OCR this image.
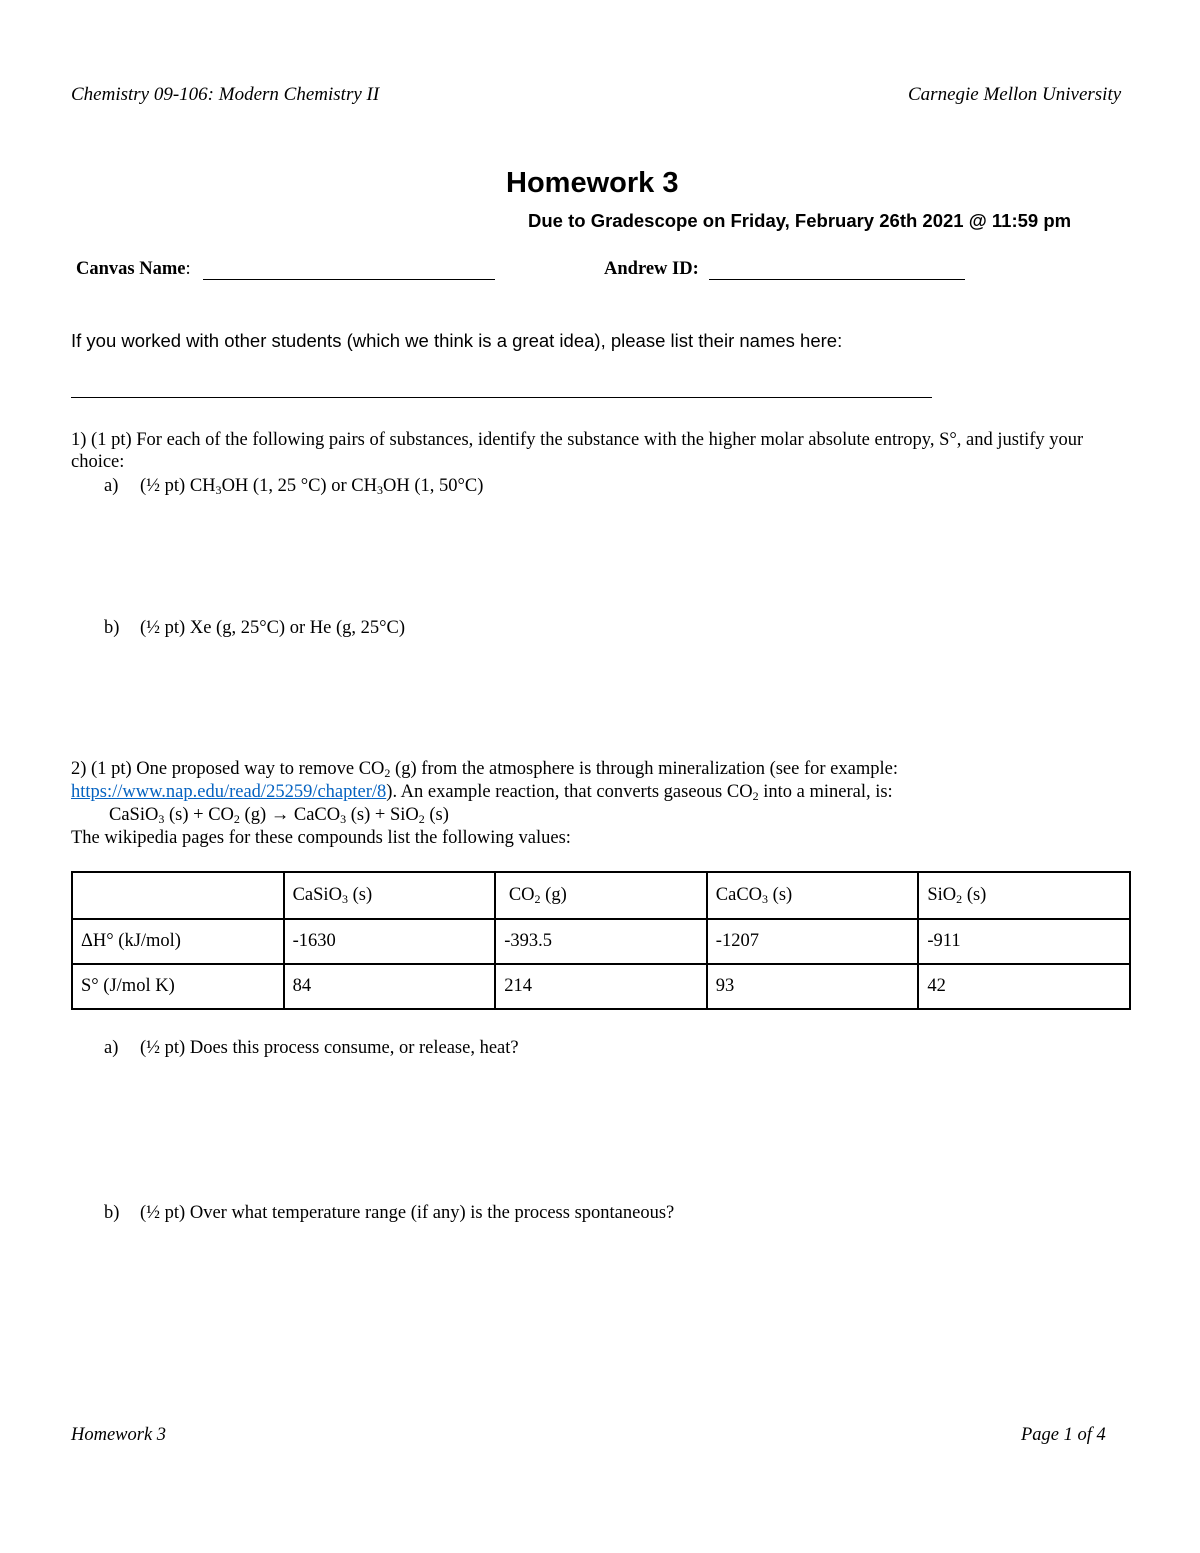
Chemistry 09-106: Modern Chemistry II	Carnegie Mellon University
Homework 3
Due to Gradescope on Friday, February 26th 2021 @ 11:59 pm
Canvas Name:	Andrew ID:
If you worked with other students (which we think is a great idea), please list their names here:
1) (1 pt) For each of the following pairs of substances, identify the substance with the higher molar absolute entropy, S°, and justify your choice:
a) (½ pt) $CH_3OH$ (1, 25 °C) or $CH_3OH$ (1, 50°C)
b) (½ pt) Xe (g, 25°C) or He (g, 25°C)
2) (1 pt) One proposed way to remove $CO_2$ (g) from the atmosphere is through mineralization (see for example:
https://www.nap.edu/read/25259/chapter/8). An example reaction, that converts gaseous $CO_2$ into a mineral, is:
CaSiO$_3$ $(s) + CO_2$ (g) → CaCO$_3$ (s) + SiO$_2$ (s)
The wikipedia pages for these compounds list the following values:
	CaSiO$_3$ (s)	$CO_2$ (g)	CaCO$_3$ (s)	SiO$_2$ (s)
ΔH° (kJ/mol)	-1630	-393.5	-1207	-911
S° (J/mol K)	84	214	93	42
a) (½ pt) Does this process consume, or release, heat?
b) (½ pt) Over what temperature range (if any) is the process spontaneous?
Homework 3	Page 1 of 4
